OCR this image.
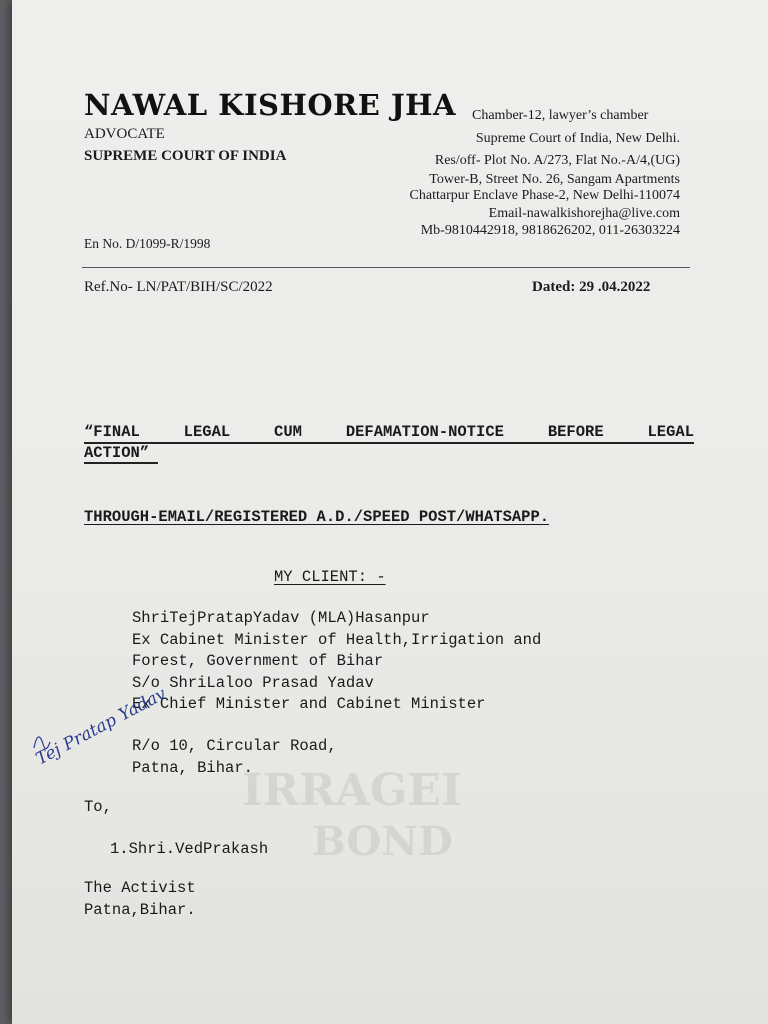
IRRAGEI
BOND
NAWAL KISHORE JHA
ADVOCATE
SUPREME COURT OF INDIA
En No. D/1099-R/1998
Chamber-12, lawyer’s chamber
Supreme Court of India, New Delhi.
Res/off- Plot No. A/273, Flat No.-A/4,(UG)
Tower-B, Street No. 26, Sangam Apartments
Chattarpur Enclave Phase-2, New Delhi-110074
Email-nawalkishorejha@live.com
Mb-9810442918, 9818626202, 011-26303224
Ref.No- LN/PAT/BIH/SC/2022	Dated: 29 .04.2022
“FINAL	LEGAL	CUM	DEFAMATION-NOTICE	BEFORE	LEGAL
ACTION”
THROUGH-EMAIL/REGISTERED A.D./SPEED POST/WHATSAPP.
MY CLIENT: -
ShriTejPratapYadav (MLA)Hasanpur
Ex Cabinet Minister of Health,Irrigation and
Forest, Government of Bihar
S/o ShriLaloo Prasad Yadav
Ex Chief Minister and Cabinet Minister
R/o 10, Circular Road,
Patna, Bihar.
Tej Pratap Yadav
To,
1.Shri.VedPrakash
The Activist
Patna,Bihar.
